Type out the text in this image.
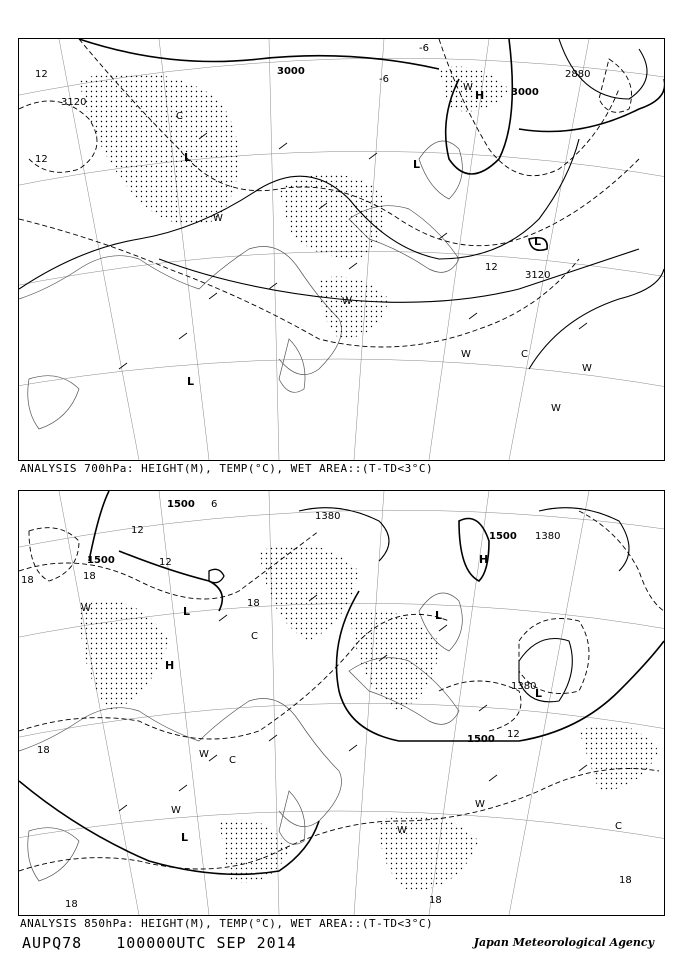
3000
3000
3120
3120
2880
12
12
12
-6
-6
L
L
L
L
H
C
C
W
W
W
W
W
W
ANALYSIS 700hPa: HEIGHT(M), TEMP(°C), WET AREA::(T-TD<3°C)
1500
1500
1500
1500
1380
1380
1380
18	18
18
18
18	18
18
12
12
12
6
H
H
L
L
L
L
C
C
C
W
W
W
W
W
ANALYSIS 850hPa: HEIGHT(M), TEMP(°C), WET AREA::(T-TD<3°C)
AUPQ78 100000UTC SEP 2014	Japan Meteorological Agency
